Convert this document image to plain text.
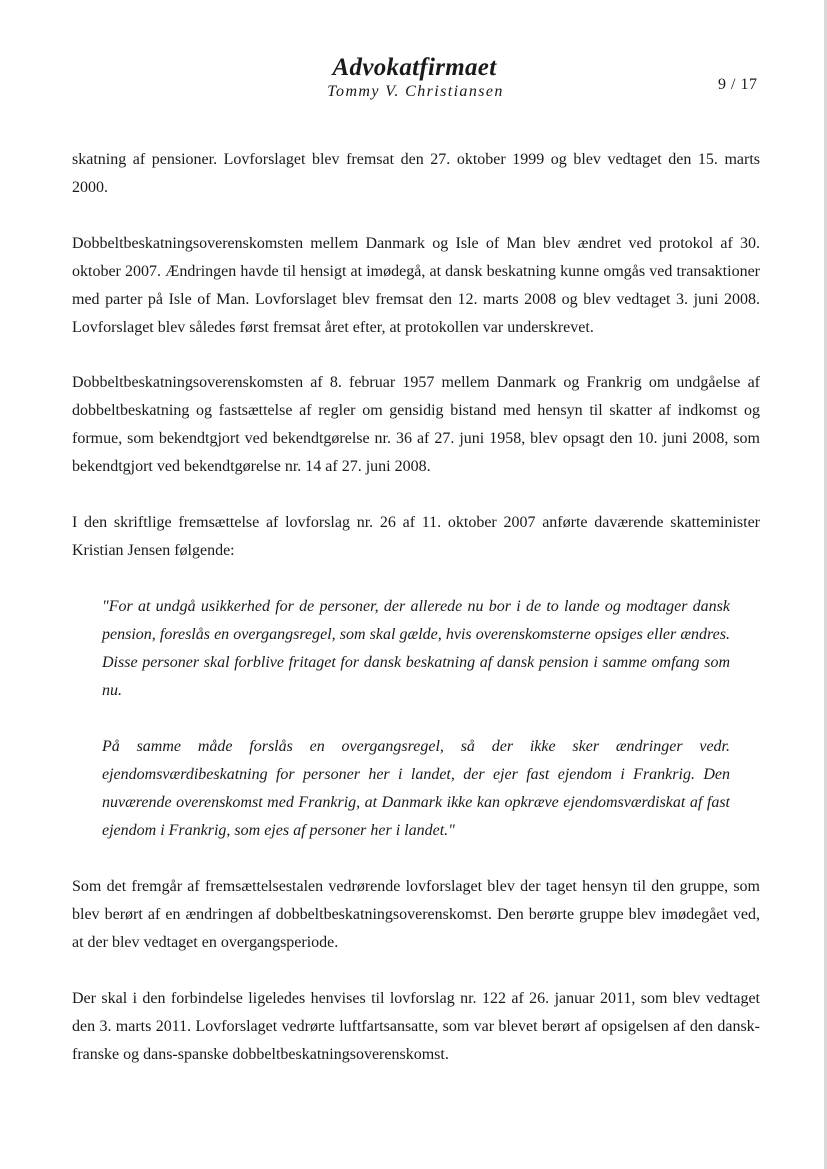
Advokatfirmaet
Tommy V. Christiansen	9 / 17

skatning af pensioner. Lovforslaget blev fremsat den 27. oktober 1999 og blev vedtaget den 15. marts 2000.

Dobbeltbeskatningsoverenskomsten mellem Danmark og Isle of Man blev ændret ved protokol af 30. oktober 2007. Ændringen havde til hensigt at imødegå, at dansk beskatning kunne omgås ved transaktioner med parter på Isle of Man. Lovforslaget blev fremsat den 12. marts 2008 og blev vedtaget 3. juni 2008. Lovforslaget blev således først fremsat året efter, at protokollen var underskrevet.

Dobbeltbeskatningsoverenskomsten af 8. februar 1957 mellem Danmark og Frankrig om undgåelse af dobbeltbeskatning og fastsættelse af regler om gensidig bistand med hensyn til skatter af indkomst og formue, som bekendtgjort ved bekendtgørelse nr. 36 af 27. juni 1958, blev opsagt den 10. juni 2008, som bekendtgjort ved bekendtgørelse nr. 14 af 27. juni 2008.

I den skriftlige fremsættelse af lovforslag nr. 26 af 11. oktober 2007 anførte daværende skatteminister Kristian Jensen følgende:

"For at undgå usikkerhed for de personer, der allerede nu bor i de to lande og modtager dansk pension, foreslås en overgangsregel, som skal gælde, hvis overenskomsterne opsiges eller ændres. Disse personer skal forblive fritaget for dansk beskatning af dansk pension i samme omfang som nu.

På samme måde forslås en overgangsregel, så der ikke sker ændringer vedr. ejendomsværdibeskatning for personer her i landet, der ejer fast ejendom i Frankrig. Den nuværende overenskomst med Frankrig, at Danmark ikke kan opkræve ejendomsværdiskat af fast ejendom i Frankrig, som ejes af personer her i landet."

Som det fremgår af fremsættelsestalen vedrørende lovforslaget blev der taget hensyn til den gruppe, som blev berørt af en ændringen af dobbeltbeskatningsoverenskomst. Den berørte gruppe blev imødegået ved, at der blev vedtaget en overgangsperiode.

Der skal i den forbindelse ligeledes henvises til lovforslag nr. 122 af 26. januar 2011, som blev vedtaget den 3. marts 2011. Lovforslaget vedrørte luftfartsansatte, som var blevet berørt af opsigelsen af den dansk-franske og dans-spanske dobbeltbeskatningsoverenskomst.
